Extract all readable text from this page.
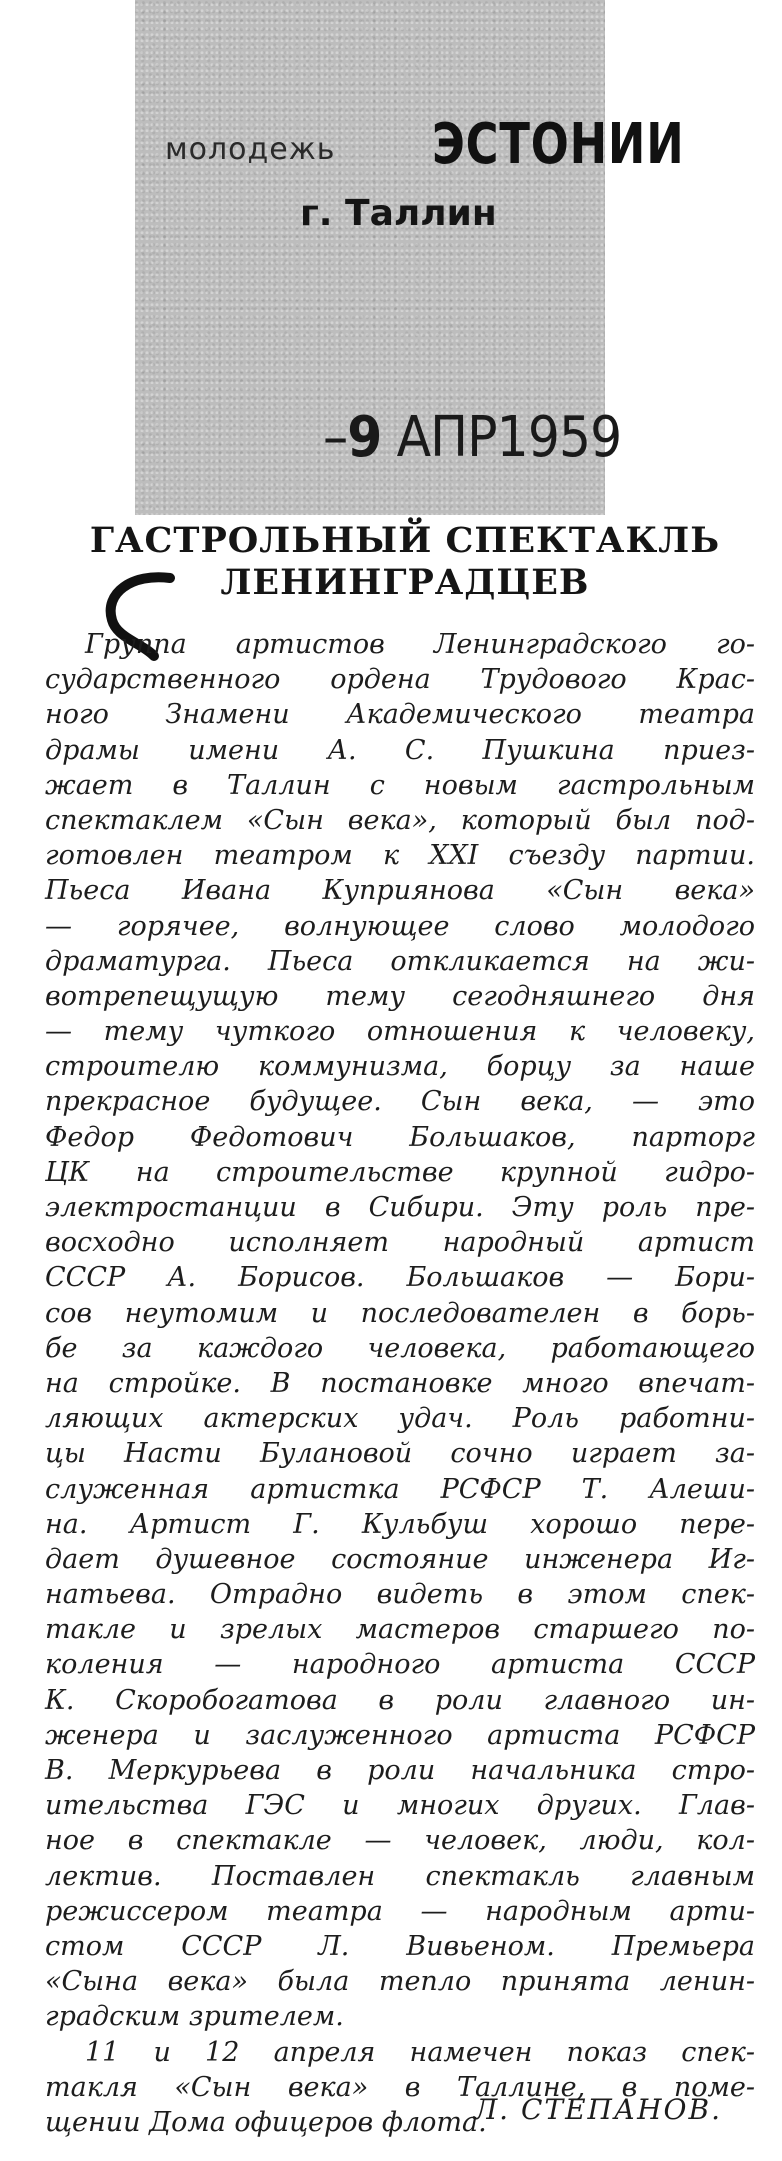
молодежь ЭСТОНИИ
г. Таллин
–9 АПР1959
ГАСТРОЛЬНЫЙ СПЕКТАКЛЬ
ЛЕНИНГРАДЦЕВ
Группа артистов Ленинградского го-
сударственного ордена Трудового Крас-
ного Знамени Академического театра
драмы имени А. С. Пушкина приез-
жает в Таллин с новым гастрольным
спектаклем «Сын века», который был под-
готовлен театром к XXI съезду партии.
Пьеса Ивана Куприянова «Сын века»
— горячее, волнующее слово молодого
драматурга. Пьеса откликается на жи-
вотрепещущую тему сегодняшнего дня
— тему чуткого отношения к человеку,
строителю коммунизма, борцу за наше
прекрасное будущее. Сын века, — это
Федор Федотович Большаков, парторг
ЦК на строительстве крупной гидро-
электростанции в Сибири. Эту роль пре-
восходно исполняет народный артист
СССР А. Борисов. Большаков — Бори-
сов неутомим и последователен в борь-
бе за каждого человека, работающего
на стройке. В постановке много впечат-
ляющих актерских удач. Роль работни-
цы Насти Булановой сочно играет за-
служенная артистка РСФСР Т. Алеши-
на. Артист Г. Кульбуш хорошо пере-
дает душевное состояние инженера Иг-
натьева. Отрадно видеть в этом спек-
такле и зрелых мастеров старшего по-
коления — народного артиста СССР
К. Скоробогатова в роли главного ин-
женера и заслуженного артиста РСФСР
В. Меркурьева в роли начальника стро-
ительства ГЭС и многих других. Глав-
ное в спектакле — человек, люди, кол-
лектив. Поставлен спектакль главным
режиссером театра — народным арти-
стом СССР Л. Вивьеном. Премьера
«Сына века» была тепло принята ленин-
градским зрителем.
11 и 12 апреля намечен показ спек-
такля «Сын века» в Таллине, в поме-
щении Дома офицеров флота.
Л. СТЕПАНОВ.
